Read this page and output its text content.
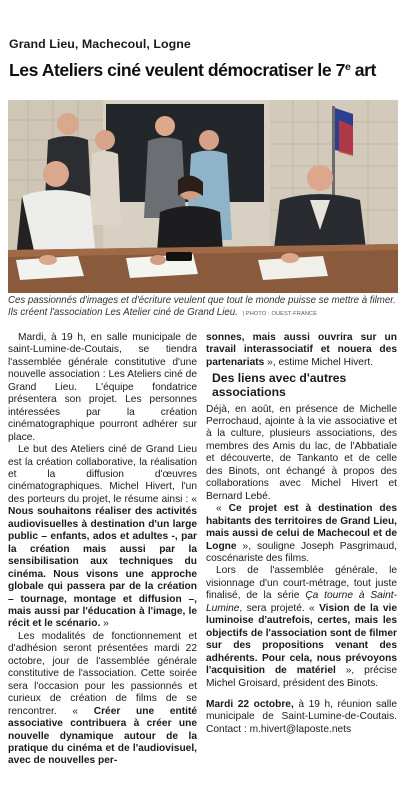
Grand Lieu, Machecoul, Logne
Les Ateliers ciné veulent démocratiser le 7e art
Ces passionnés d'images et d'écriture veulent que tout le monde puisse se mettre à filmer. Ils créent l'association Les Atelier ciné de Grand Lieu. | PHOTO : OUEST-FRANCE

Mardi, à 19 h, en salle municipale de saint-Lumine-de-Coutais, se tiendra l'assemblée générale constitutive d'une nouvelle association : Les Ateliers ciné de Grand Lieu. L'équipe fondatrice présentera son projet. Les personnes intéressées par la création cinématographique pourront adhérer sur place.

Le but des Ateliers ciné de Grand Lieu est la création collaborative, la réalisation et la diffusion d'œuvres cinématographiques. Michel Hivert, l'un des porteurs du projet, le résume ainsi : « Nous souhaitons réaliser des activités audiovisuelles à destination d'un large public – enfants, ados et adultes -, par la création mais aussi par la sensibilisation aux techniques du cinéma. Nous visons une approche globale qui passera par de la création – tournage, montage et diffusion –, mais aussi par l'éducation à l'image, le récit et le scénario. »

Les modalités de fonctionnement et d'adhésion seront présentées mardi 22 octobre, jour de l'assemblée générale constitutive de l'association. Cette soirée sera l'occasion pour les passionnés et curieux de création de films de se rencontrer. « Créer une entité associative contribuera à créer une nouvelle dynamique autour de la pratique du cinéma et de l'audiovisuel, avec de nouvelles per-

sonnes, mais aussi ouvrira sur un travail interassociatif et nouera des partenariats », estime Michel Hivert.

Des liens avec d'autres associations

Déjà, en août, en présence de Michelle Perrochaud, ajointe à la vie associative et à la culture, plusieurs associations, des membres des Amis du lac, de l'Abbatiale et découverte, de Tankanto et de celle des Binots, ont échangé à propos des collaborations avec Michel Hivert et Bernard Lebé.

« Ce projet est à destination des habitants des territoires de Grand Lieu, mais aussi de celui de Machecoul et de Logne », souligne Joseph Pasgrimaud, coscénariste des films.

Lors de l'assemblée générale, le visionnage d'un court-métrage, tout juste finalisé, de la série Ça tourne à Saint-Lumine, sera projeté. « Vision de la vie luminoise d'autrefois, certes, mais les objectifs de l'association sont de filmer sur des propositions venant des adhérents. Pour cela, nous prévoyons l'acquisition de matériel », précise Michel Groisard, président des Binots.

Mardi 22 octobre, à 19 h, réunion salle municipale de Saint-Lumine-de-Coutais. Contact : m.hivert@laposte.nets
